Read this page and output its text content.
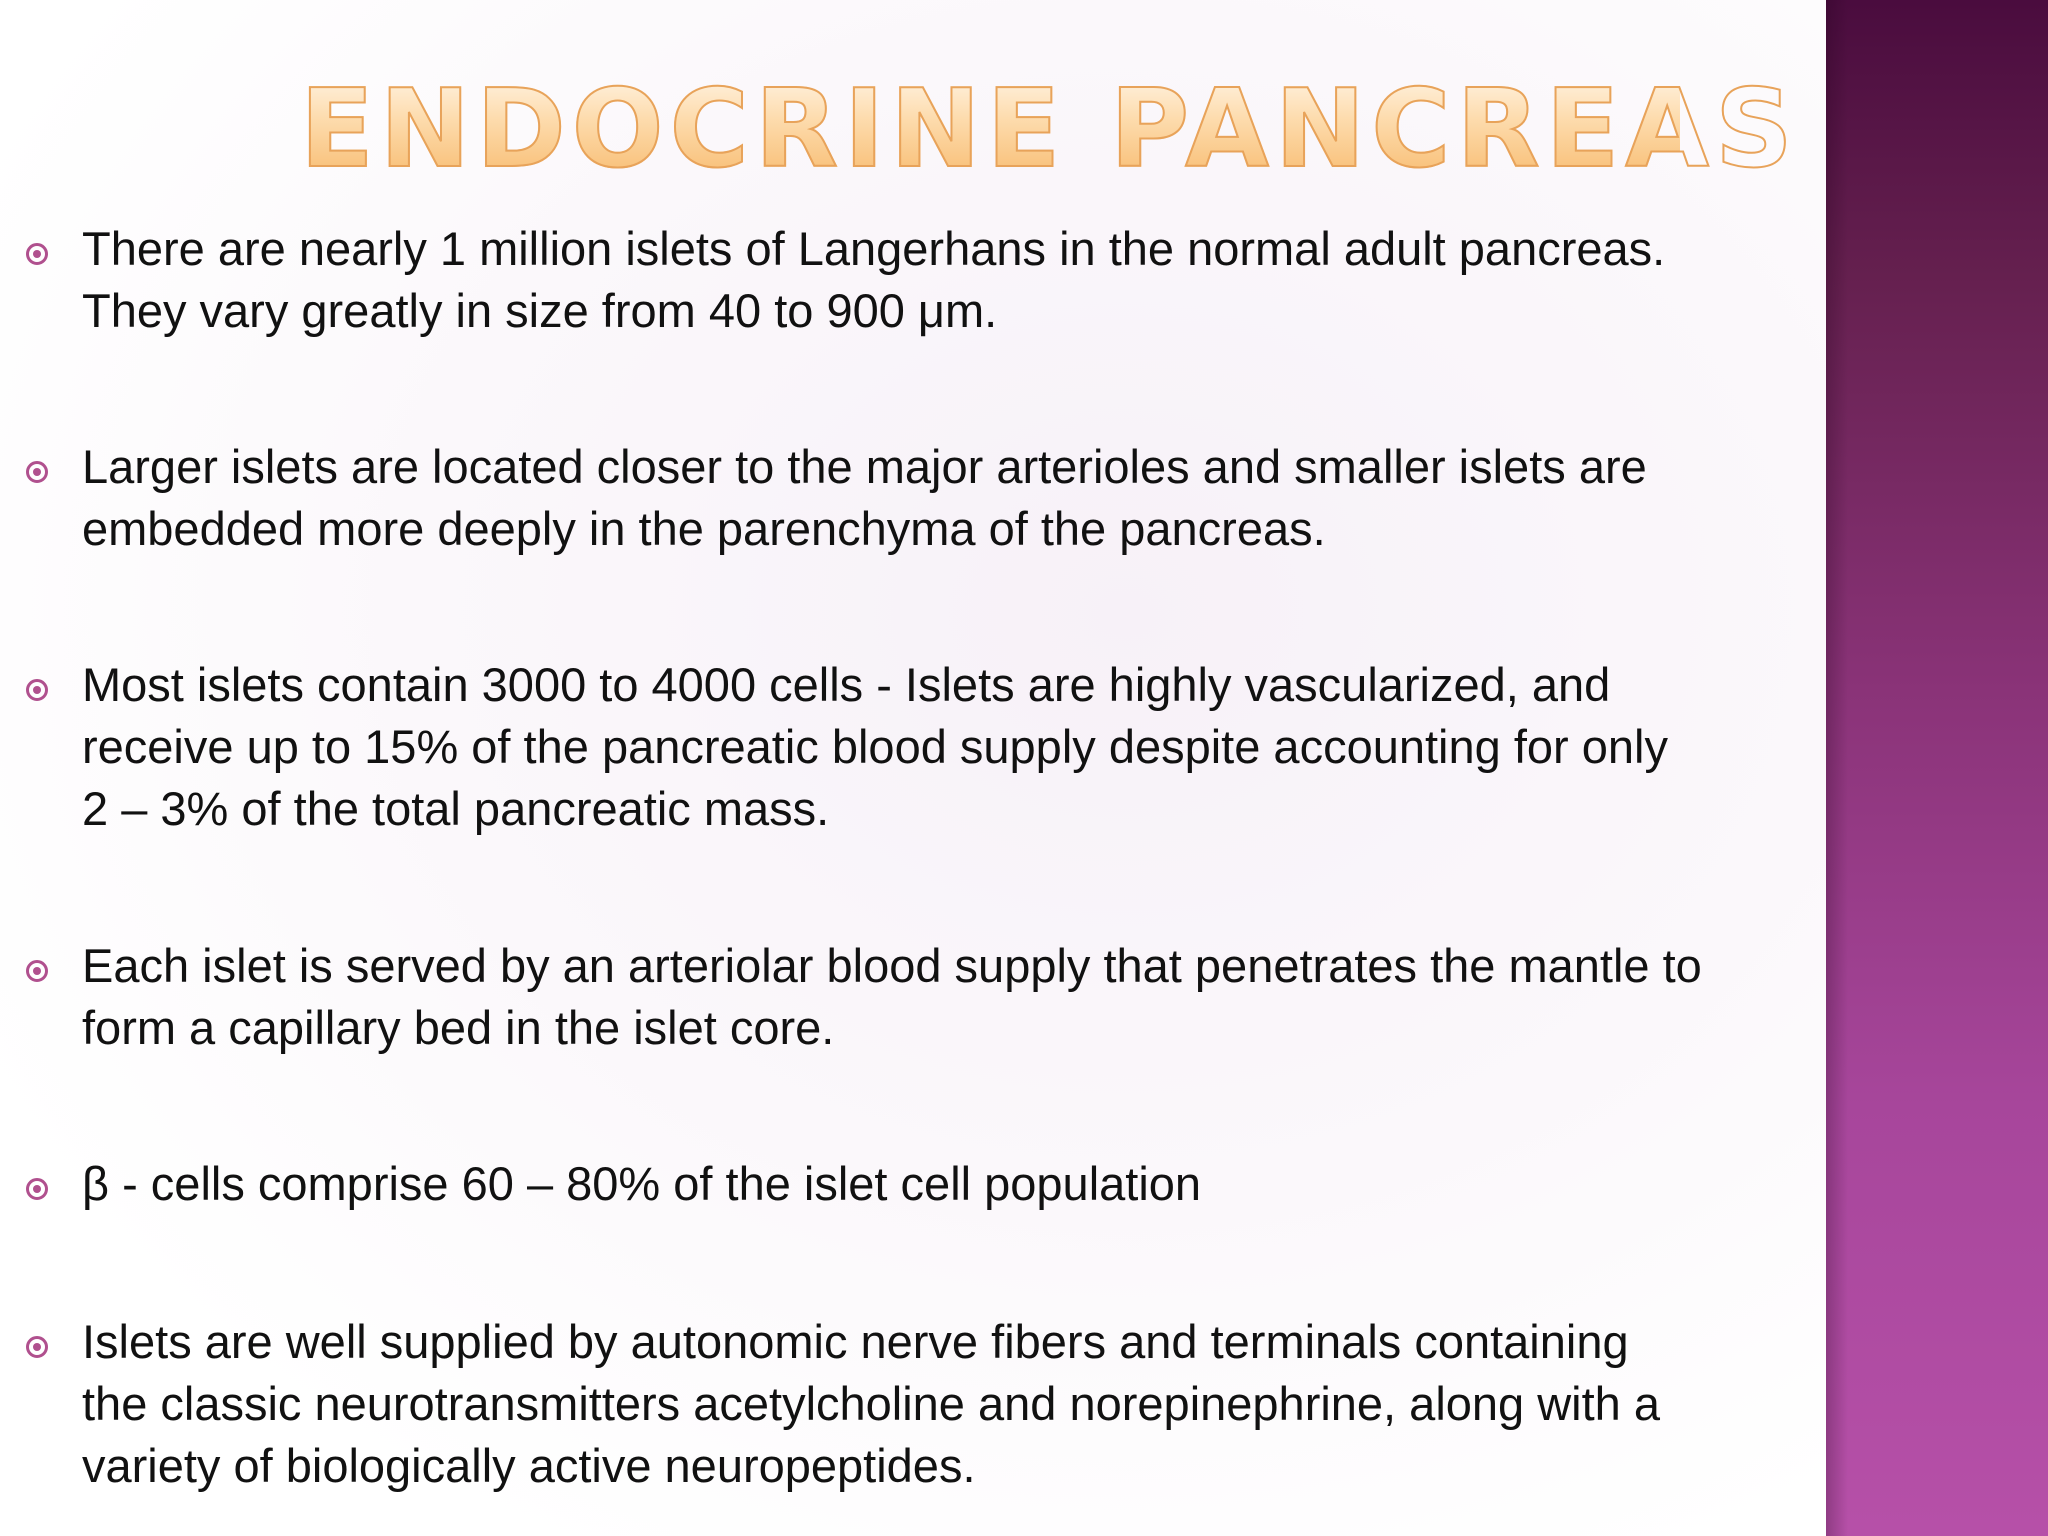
ENDOCRINE PANCREAS
There are nearly 1 million islets of Langerhans in the normal adult pancreas.
They vary greatly in size from 40 to 900 μm.
Larger islets are located closer to the major arterioles and smaller islets are
embedded more deeply in the parenchyma of the pancreas.
Most islets contain 3000 to 4000 cells - Islets are highly vascularized, and
receive up to 15% of the pancreatic blood supply despite accounting for only
2 – 3% of the total pancreatic mass.
Each islet is served by an arteriolar blood supply that penetrates the mantle to
form a capillary bed in the islet core.
β - cells comprise 60 – 80% of the islet cell population
Islets are well supplied by autonomic nerve fibers and terminals containing
the classic neurotransmitters acetylcholine and norepinephrine, along with a
variety of biologically active neuropeptides.
